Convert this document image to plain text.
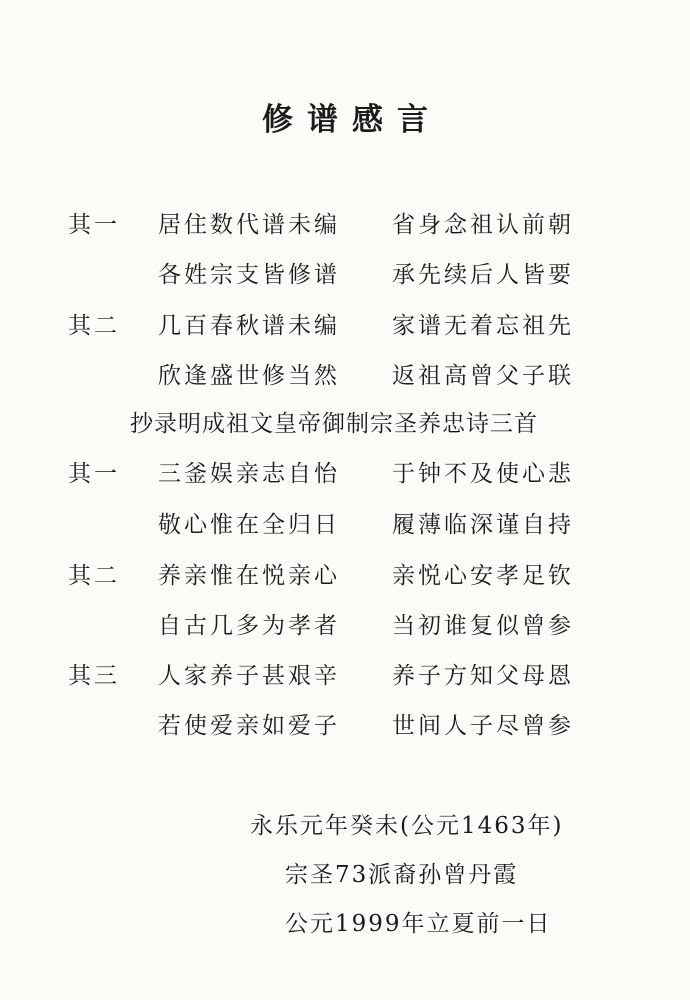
修谱感言
其一 居住数代谱未编 省身念祖认前朝
各姓宗支皆修谱 承先续后人皆要
其二 几百春秋谱未编 家谱无着忘祖先
欣逢盛世修当然 返祖高曾父子联
抄录明成祖文皇帝御制宗圣养忠诗三首
其一 三釜娱亲志自怡 于钟不及使心悲
敬心惟在全归日 履薄临深谨自持
其二 养亲惟在悦亲心 亲悦心安孝足钦
自古几多为孝者 当初谁复似曾参
其三 人家养子甚艰辛 养子方知父母恩
若使爱亲如爱子 世间人子尽曾参
永乐元年癸未(公元1463年)
宗圣73派裔孙曾丹霞
公元1999年立夏前一日
